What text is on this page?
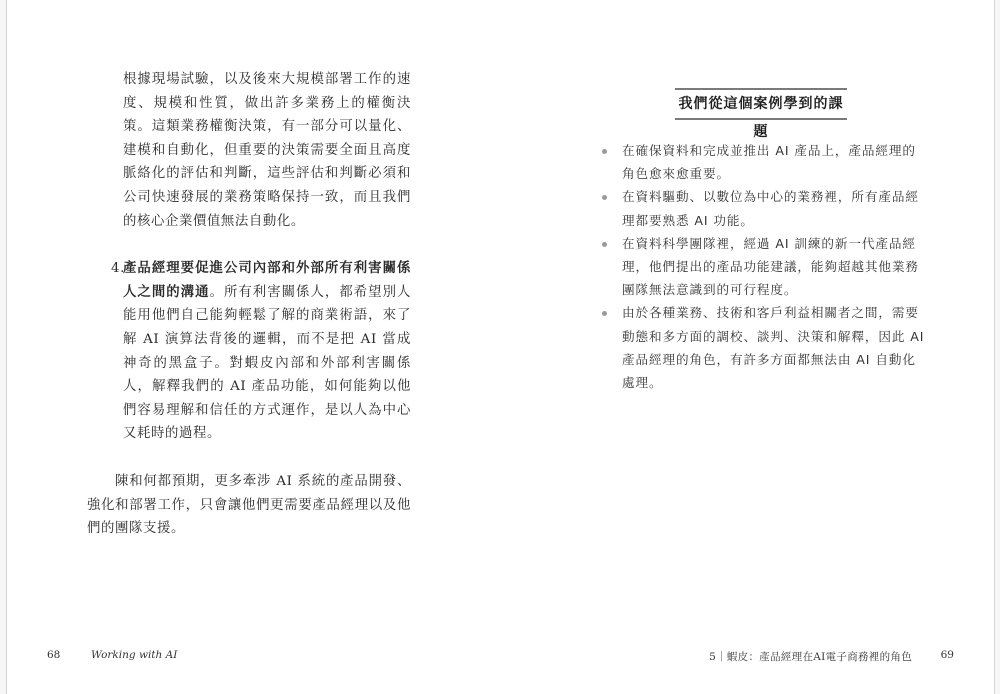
根據現場試驗，以及後來大規模部署工作的速度、規模和性質，做出許多業務上的權衡決策。這類業務權衡決策，有一部分可以量化、建模和自動化，但重要的決策需要全面且高度脈絡化的評估和判斷，這些評估和判斷必須和公司快速發展的業務策略保持一致，而且我們的核心企業價值無法自動化。

4.
產品經理要促進公司內部和外部所有利害關係人之間的溝通。所有利害關係人，都希望別人能用他們自己能夠輕鬆了解的商業術語，來了解 AI 演算法背後的邏輯，而不是把 AI 當成神奇的黑盒子。對蝦皮內部和外部利害關係人，解釋我們的 AI 產品功能，如何能夠以他們容易理解和信任的方式運作，是以人為中心又耗時的過程。

陳和何都預期，更多牽涉 AI 系統的產品開發、強化和部署工作，只會讓他們更需要產品經理以及他們的團隊支援。

68	Working with AI
我們從這個案例學到的課題
在確保資料和完成並推出 AI 產品上，產品經理的角色愈來愈重要。
在資料驅動、以數位為中心的業務裡，所有產品經理都要熟悉 AI 功能。
在資料科學團隊裡，經過 AI 訓練的新一代產品經理，他們提出的產品功能建議，能夠超越其他業務團隊無法意識到的可行程度。
由於各種業務、技術和客戶利益相關者之間，需要動態和多方面的調校、談判、決策和解釋，因此 AI 產品經理的角色，有許多方面都無法由 AI 自動化處理。
5｜蝦皮：產品經理在AI電子商務裡的角色	69
